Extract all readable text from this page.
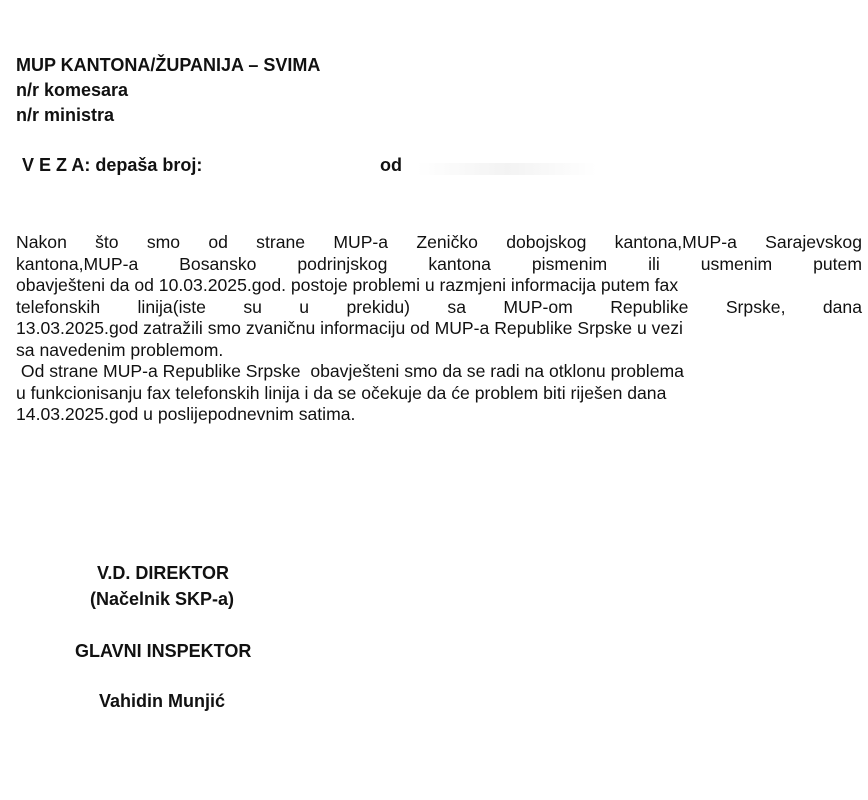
MUP KANTONA/ŽUPANIJA – SVIMA
n/r komesara
n/r ministra
V E Z A: depaša broj:	od
Nakon što smo od strane MUP-a Zeničko dobojskog kantona,MUP-a Sarajevskog
kantona,MUP-a Bosansko podrinjskog kantona pismenim ili usmenim putem
obavješteni da od 10.03.2025.god. postoje problemi u razmjeni informacija putem fax
telefonskih linija(iste su u prekidu) sa MUP-om Republike Srpske, dana
13.03.2025.god zatražili smo zvaničnu informaciju od MUP-a Republike Srpske u vezi
sa navedenim problemom.
Od strane MUP-a Republike Srpske  obavješteni smo da se radi na otklonu problema
u funkcionisanju fax telefonskih linija i da se očekuje da će problem biti riješen dana
14.03.2025.god u poslijepodnevnim satima.
V.D. DIREKTOR
(Načelnik SKP-a)
GLAVNI INSPEKTOR
Vahidin Munjić
